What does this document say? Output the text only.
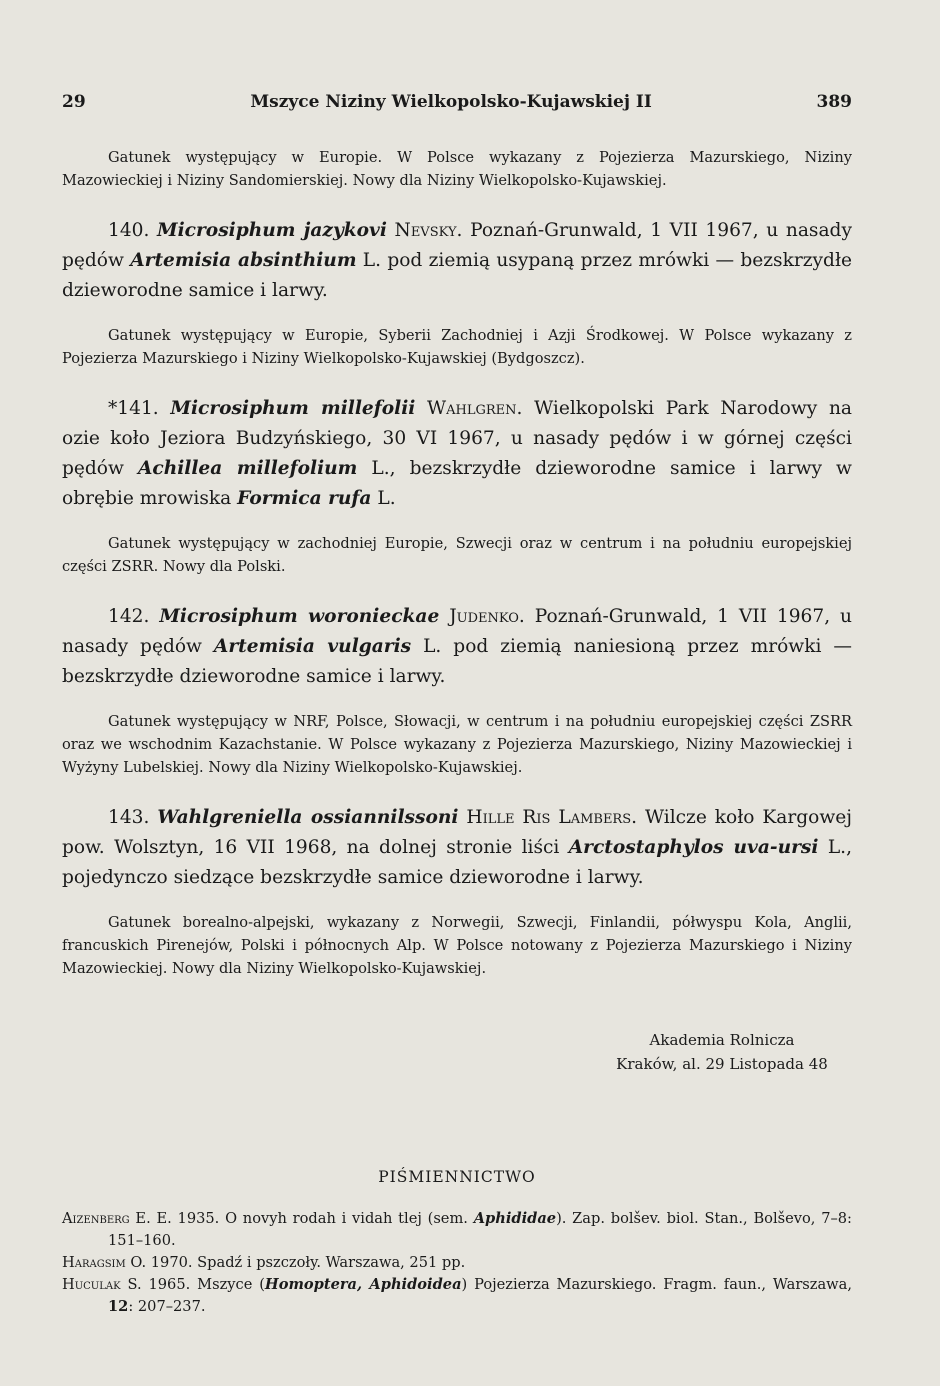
29	Mszyce Niziny Wielkopolsko-Kujawskiej II	389

Gatunek występujący w Europie. W Polsce wykazany z Pojezierza Mazurskiego, Niziny Mazowieckiej i Niziny Sandomierskiej. Nowy dla Niziny Wielkopolsko-Kujawskiej.

140. Microsiphum jazykovi Nevsky. Poznań-Grunwald, 1 VII 1967, u nasady pędów Artemisia absinthium L. pod ziemią usypaną przez mrówki — bezskrzydłe dzieworodne samice i larwy.

Gatunek występujący w Europie, Syberii Zachodniej i Azji Środkowej. W Polsce wykazany z Pojezierza Mazurskiego i Niziny Wielkopolsko-Kujawskiej (Bydgoszcz).

*141. Microsiphum millefolii Wahlgren. Wielkopolski Park Narodowy na ozie koło Jeziora Budzyńskiego, 30 VI 1967, u nasady pędów i w górnej części pędów Achillea millefolium L., bezskrzydłe dzieworodne samice i larwy w obrębie mrowiska Formica rufa L.

Gatunek występujący w zachodniej Europie, Szwecji oraz w centrum i na południu europejskiej części ZSRR. Nowy dla Polski.

142. Microsiphum woronieckae Judenko. Poznań-Grunwald, 1 VII 1967, u nasady pędów Artemisia vulgaris L. pod ziemią naniesioną przez mrówki — bezskrzydłe dzieworodne samice i larwy.

Gatunek występujący w NRF, Polsce, Słowacji, w centrum i na południu europejskiej części ZSRR oraz we wschodnim Kazachstanie. W Polsce wykazany z Pojezierza Mazurskiego, Niziny Mazowieckiej i Wyżyny Lubelskiej. Nowy dla Niziny Wielkopolsko-Kujawskiej.

143. Wahlgreniella ossiannilssoni Hille Ris Lambers. Wilcze koło Kargowej pow. Wolsztyn, 16 VII 1968, na dolnej stronie liści Arctostaphylos uva-ursi L., pojedynczo siedzące bezskrzydłe samice dzieworodne i larwy.

Gatunek borealno-alpejski, wykazany z Norwegii, Szwecji, Finlandii, półwyspu Kola, Anglii, francuskich Pirenejów, Polski i północnych Alp. W Polsce notowany z Pojezierza Mazurskiego i Niziny Mazowieckiej. Nowy dla Niziny Wielkopolsko-Kujawskiej.

Akademia Rolnicza
Kraków, al. 29 Listopada 48
PIŚMIENNICTWO

Aizenberg E. E. 1935. O novyh rodah i vidah tlej (sem. Aphididae). Zap. bolšev. biol. Stan., Bolševo, 7–8: 151–160.

Haragsim O. 1970. Spadź i pszczoły. Warszawa, 251 pp.

Huculak S. 1965. Mszyce (Homoptera, Aphidoidea) Pojezierza Mazurskiego. Fragm. faun., Warszawa, 12: 207–237.
